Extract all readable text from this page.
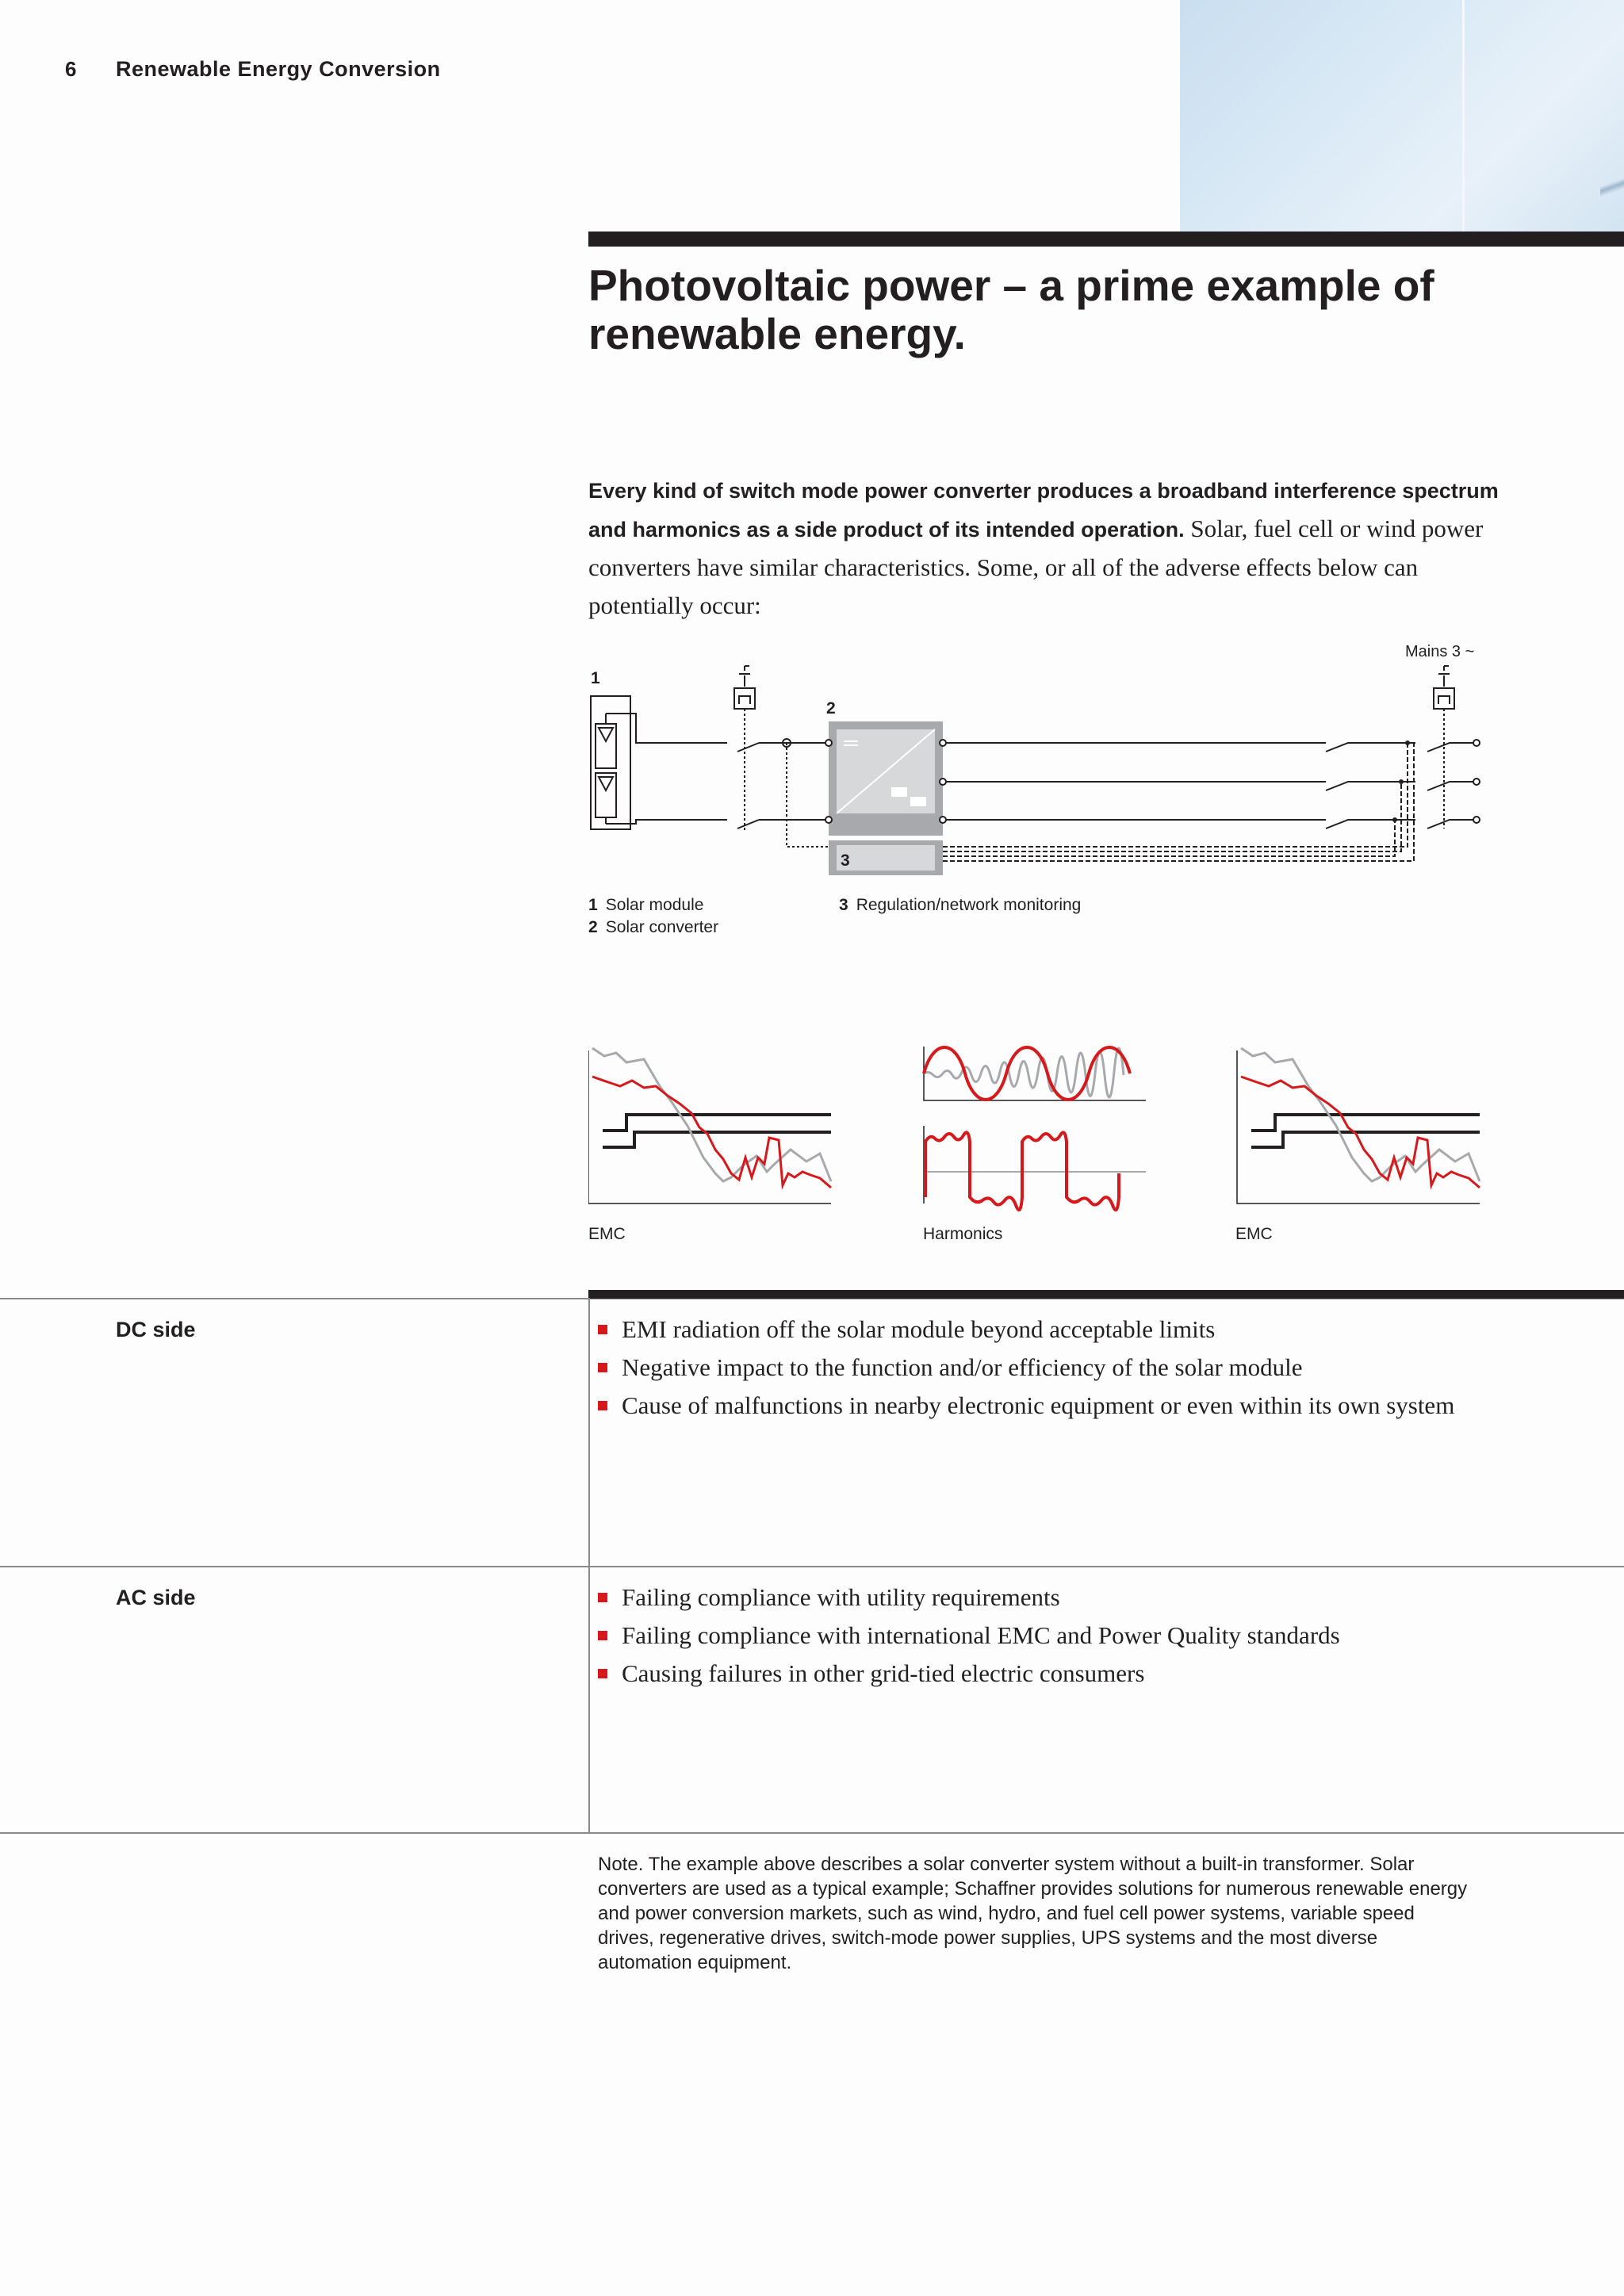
6 Renewable Energy Conversion
Photovoltaic power – a prime example of renewable energy.
Every kind of switch mode power converter produces a broadband interference spectrum and harmonics as a side product of its intended operation. Solar, fuel cell or wind power converters have similar characteristics. Some, or all of the adverse effects below can potentially occur:
1
2
3
Mains 3 ~
1 Solar module
2 Solar converter
3 Regulation/network monitoring
EMC	Harmonics	EMC
DC side	EMI radiation off the solar module beyond acceptable limits
Negative impact to the function and/or efficiency of the solar module
Cause of malfunctions in nearby electronic equipment or even within its own system
AC side	Failing compliance with utility requirements
Failing compliance with international EMC and Power Quality standards
Causing failures in other grid-tied electric consumers
Note. The example above describes a solar converter system without a built-in transformer. Solar converters are used as a typical example; Schaffner provides solutions for numerous renewable energy and power conversion markets, such as wind, hydro, and fuel cell power systems, variable speed drives, regenerative drives, switch-mode power supplies, UPS systems and the most diverse automation equipment.
